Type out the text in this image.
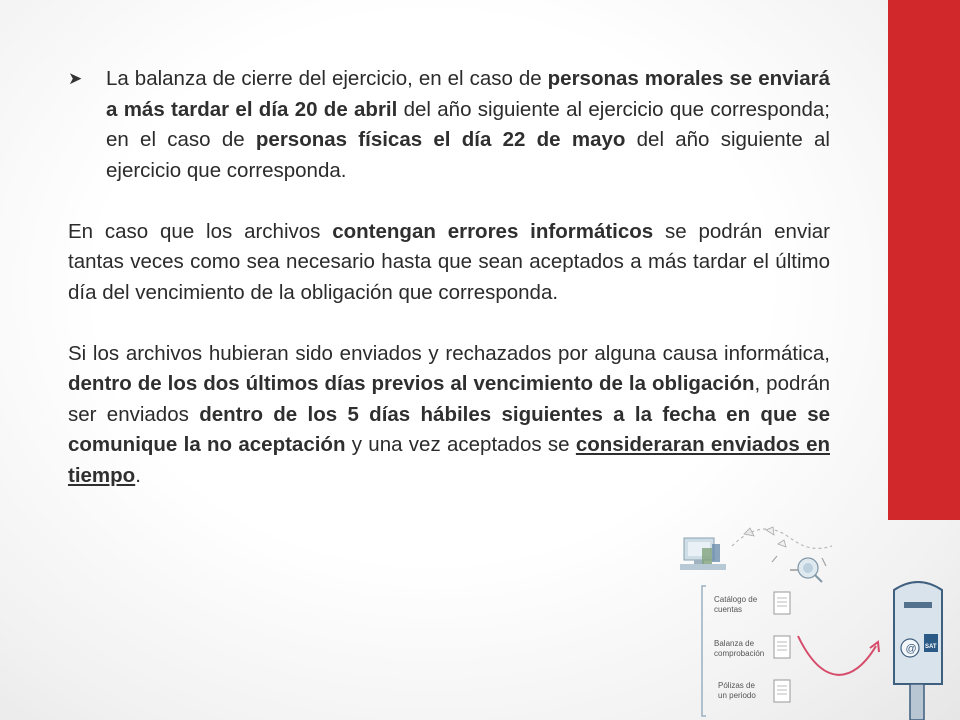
➤	La balanza de cierre del ejercicio, en el caso de personas morales se enviará a más tardar el día 20 de abril del año siguiente al ejercicio que corresponda; en el caso de personas físicas el día 22 de mayo del año siguiente al ejercicio que corresponda.
En caso que los archivos contengan errores informáticos se podrán enviar tantas veces como sea necesario hasta que sean aceptados a más tardar el último día del vencimiento de la obligación que corresponda.
Si los archivos hubieran sido enviados y rechazados por alguna causa informática, dentro de los dos últimos días previos al vencimiento de la obligación, podrán ser enviados dentro de los 5 días hábiles siguientes a la fecha en que se comunique la no aceptación y una vez aceptados se consideraran enviados en tiempo.
Catálogo de
cuentas
Balanza de
comprobación
Pólizas de
un periodo
@ SAT
